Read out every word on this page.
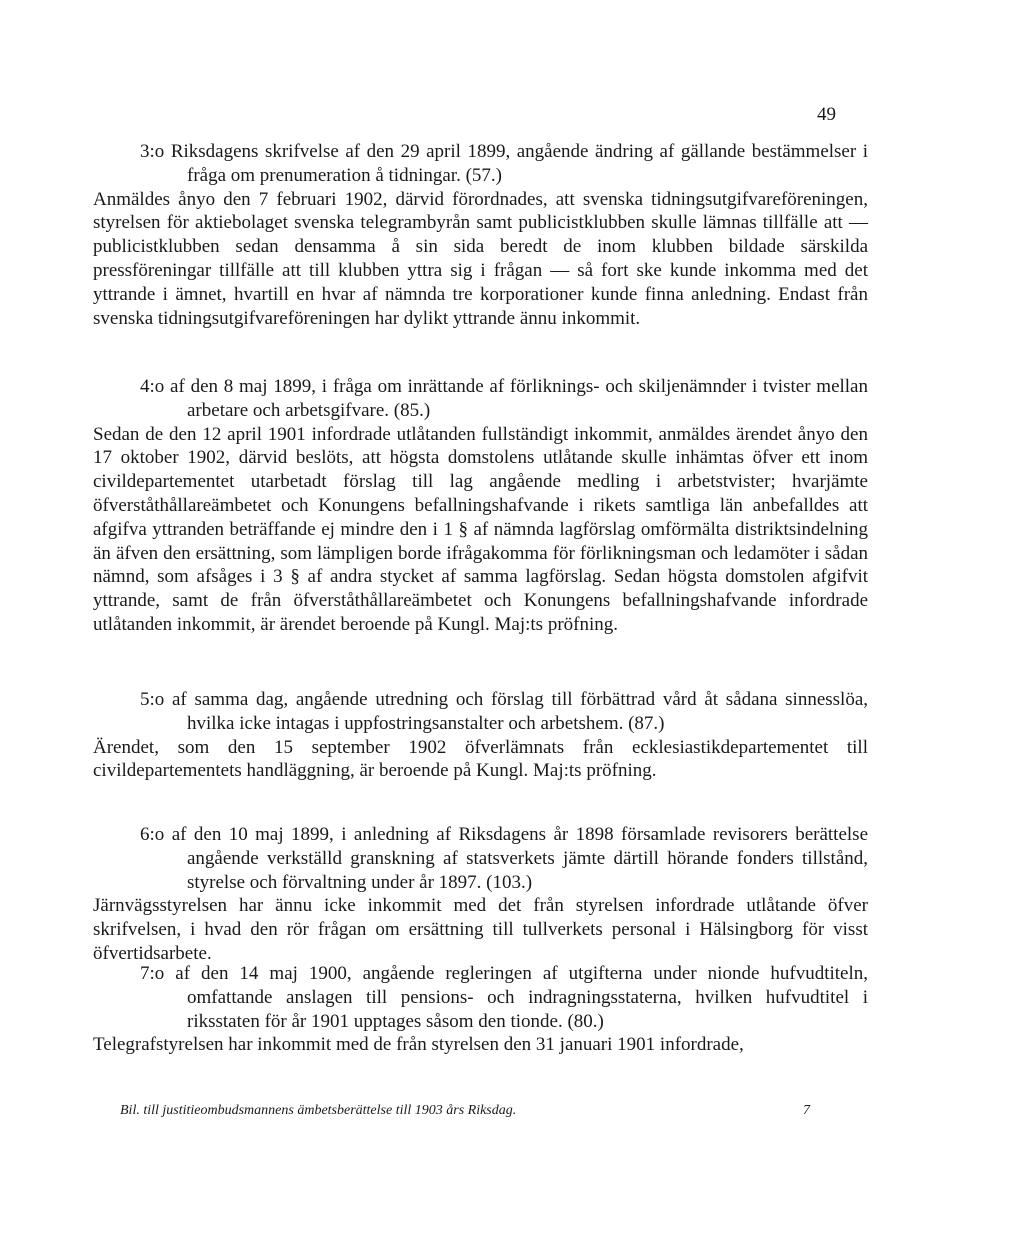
49
3:o Riksdagens skrifvelse af den 29 april 1899, angående ändring af gällande bestämmelser i fråga om prenumeration å tidningar. (57.)
Anmäldes ånyo den 7 februari 1902, därvid förordnades, att svenska tidningsutgifvareföreningen, styrelsen för aktiebolaget svenska telegrambyrån samt publicistklubben skulle lämnas tillfälle att — publicistklubben sedan densamma å sin sida beredt de inom klubben bildade särskilda pressföreningar tillfälle att till klubben yttra sig i frågan — så fort ske kunde inkomma med det yttrande i ämnet, hvartill en hvar af nämnda tre korporationer kunde finna anledning. Endast från svenska tidningsutgifvareföreningen har dylikt yttrande ännu inkommit.
4:o af den 8 maj 1899, i fråga om inrättande af förliknings- och skiljenämnder i tvister mellan arbetare och arbetsgifvare. (85.)
Sedan de den 12 april 1901 infordrade utlåtanden fullständigt inkommit, anmäldes ärendet ånyo den 17 oktober 1902, därvid beslöts, att högsta domstolens utlåtande skulle inhämtas öfver ett inom civildepartementet utarbetadt förslag till lag angående medling i arbetstvister; hvarjämte öfverståthållareämbetet och Konungens befallningshafvande i rikets samtliga län anbefalldes att afgifva yttranden beträffande ej mindre den i 1 § af nämnda lagförslag omförmälta distriktsindelning än äfven den ersättning, som lämpligen borde ifrågakomma för förlikningsman och ledamöter i sådan nämnd, som afsåges i 3 § af andra stycket af samma lagförslag. Sedan högsta domstolen afgifvit yttrande, samt de från öfverståthållareämbetet och Konungens befallningshafvande infordrade utlåtanden inkommit, är ärendet beroende på Kungl. Maj:ts pröfning.
5:o af samma dag, angående utredning och förslag till förbättrad vård åt sådana sinnesslöa, hvilka icke intagas i uppfostringsanstalter och arbetshem. (87.)
Ärendet, som den 15 september 1902 öfverlämnats från ecklesiastikdepartementet till civildepartementets handläggning, är beroende på Kungl. Maj:ts pröfning.
6:o af den 10 maj 1899, i anledning af Riksdagens år 1898 församlade revisorers berättelse angående verkställd granskning af statsverkets jämte därtill hörande fonders tillstånd, styrelse och förvaltning under år 1897. (103.)
Järnvägsstyrelsen har ännu icke inkommit med det från styrelsen infordrade utlåtande öfver skrifvelsen, i hvad den rör frågan om ersättning till tullverkets personal i Hälsingborg för visst öfvertidsarbete.
7:o af den 14 maj 1900, angående regleringen af utgifterna under nionde hufvudtiteln, omfattande anslagen till pensions- och indragningsstaterna, hvilken hufvudtitel i riksstaten för år 1901 upptages såsom den tionde. (80.)
Telegrafstyrelsen har inkommit med de från styrelsen den 31 januari 1901 infordrade,
Bil. till justitieombudsmannens ämbetsberättelse till 1903 års Riksdag.	7
